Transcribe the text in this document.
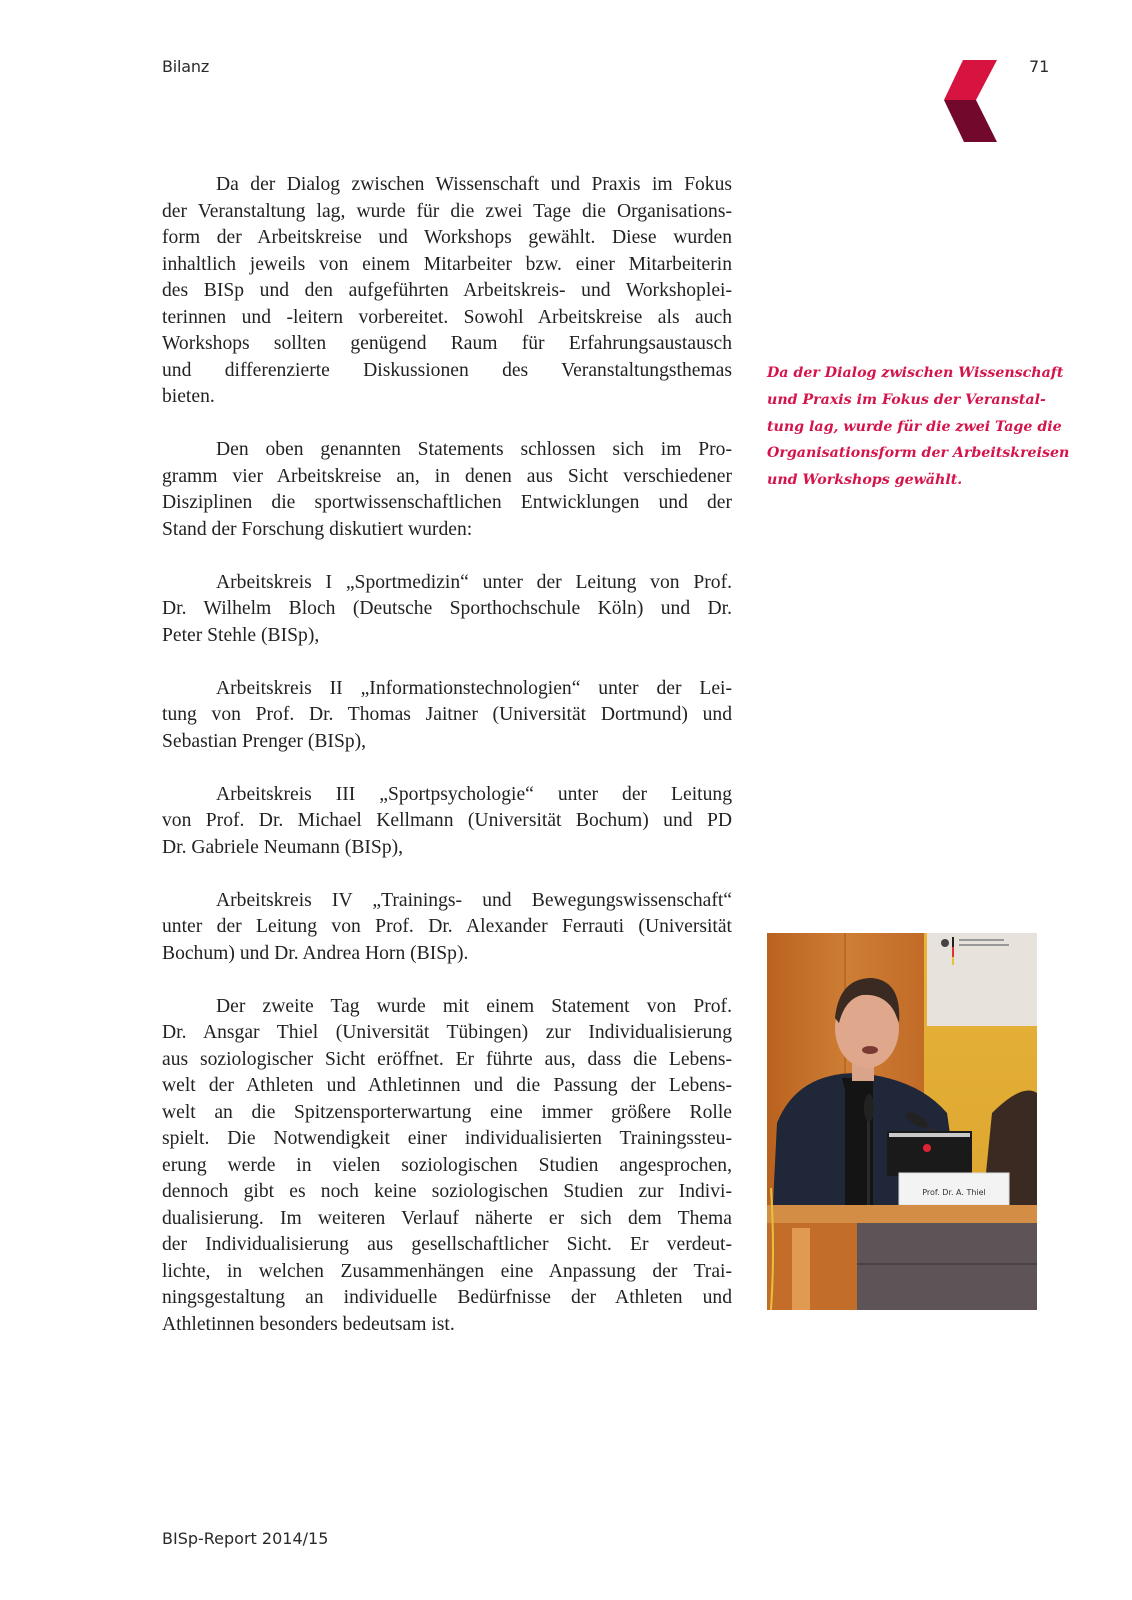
Bilanz	71
Da der Dialog zwischen Wissenschaft und Praxis im Fokus
der Veranstaltung lag, wurde für die zwei Tage die Organisations-
form der Arbeitskreise und Workshops gewählt. Diese wurden
inhaltlich jeweils von einem Mitarbeiter bzw. einer Mitarbeiterin
des BISp und den aufgeführten Arbeitskreis- und Workshoplei-
terinnen und -leitern vorbereitet. Sowohl Arbeitskreise als auch
Workshops sollten genügend Raum für Erfahrungsaustausch
und differenzierte Diskussionen des Veranstaltungsthemas
bieten.
Den oben genannten Statements schlossen sich im Pro-
gramm vier Arbeitskreise an, in denen aus Sicht verschiedener
Disziplinen die sportwissenschaftlichen Entwicklungen und der
Stand der Forschung diskutiert wurden:
Arbeitskreis I „Sportmedizin“ unter der Leitung von Prof.
Dr. Wilhelm Bloch (Deutsche Sporthochschule Köln) und Dr.
Peter Stehle (BISp),
Arbeitskreis II „Informationstechnologien“ unter der Lei-
tung von Prof. Dr. Thomas Jaitner (Universität Dortmund) und
Sebastian Prenger (BISp),
Arbeitskreis III „Sportpsychologie“ unter der Leitung
von Prof. Dr. Michael Kellmann (Universität Bochum) und PD
Dr. Gabriele Neumann (BISp),
Arbeitskreis IV „Trainings- und Bewegungswissenschaft“
unter der Leitung von Prof. Dr. Alexander Ferrauti (Universität
Bochum) und Dr. Andrea Horn (BISp).
Der zweite Tag wurde mit einem Statement von Prof.
Dr. Ansgar Thiel (Universität Tübingen) zur Individualisierung
aus soziologischer Sicht eröffnet. Er führte aus, dass die Lebens-
welt der Athleten und Athletinnen und die Passung der Lebens-
welt an die Spitzensporterwartung eine immer größere Rolle
spielt. Die Notwendigkeit einer individualisierten Trainingssteu-
erung werde in vielen soziologischen Studien angesprochen,
dennoch gibt es noch keine soziologischen Studien zur Indivi-
dualisierung. Im weiteren Verlauf näherte er sich dem Thema
der Individualisierung aus gesellschaftlicher Sicht. Er verdeut-
lichte, in welchen Zusammenhängen eine Anpassung der Trai-
ningsgestaltung an individuelle Bedürfnisse der Athleten und
Athletinnen besonders bedeutsam ist.
Da der Dialog zwischen Wissenschaft
und Praxis im Fokus der Veranstal-
tung lag, wurde für die zwei Tage die
Organisationsform der Arbeitskreisen
und Workshops gewählt.
Prof. Dr. A. Thiel
BISp-Report 2014/15
